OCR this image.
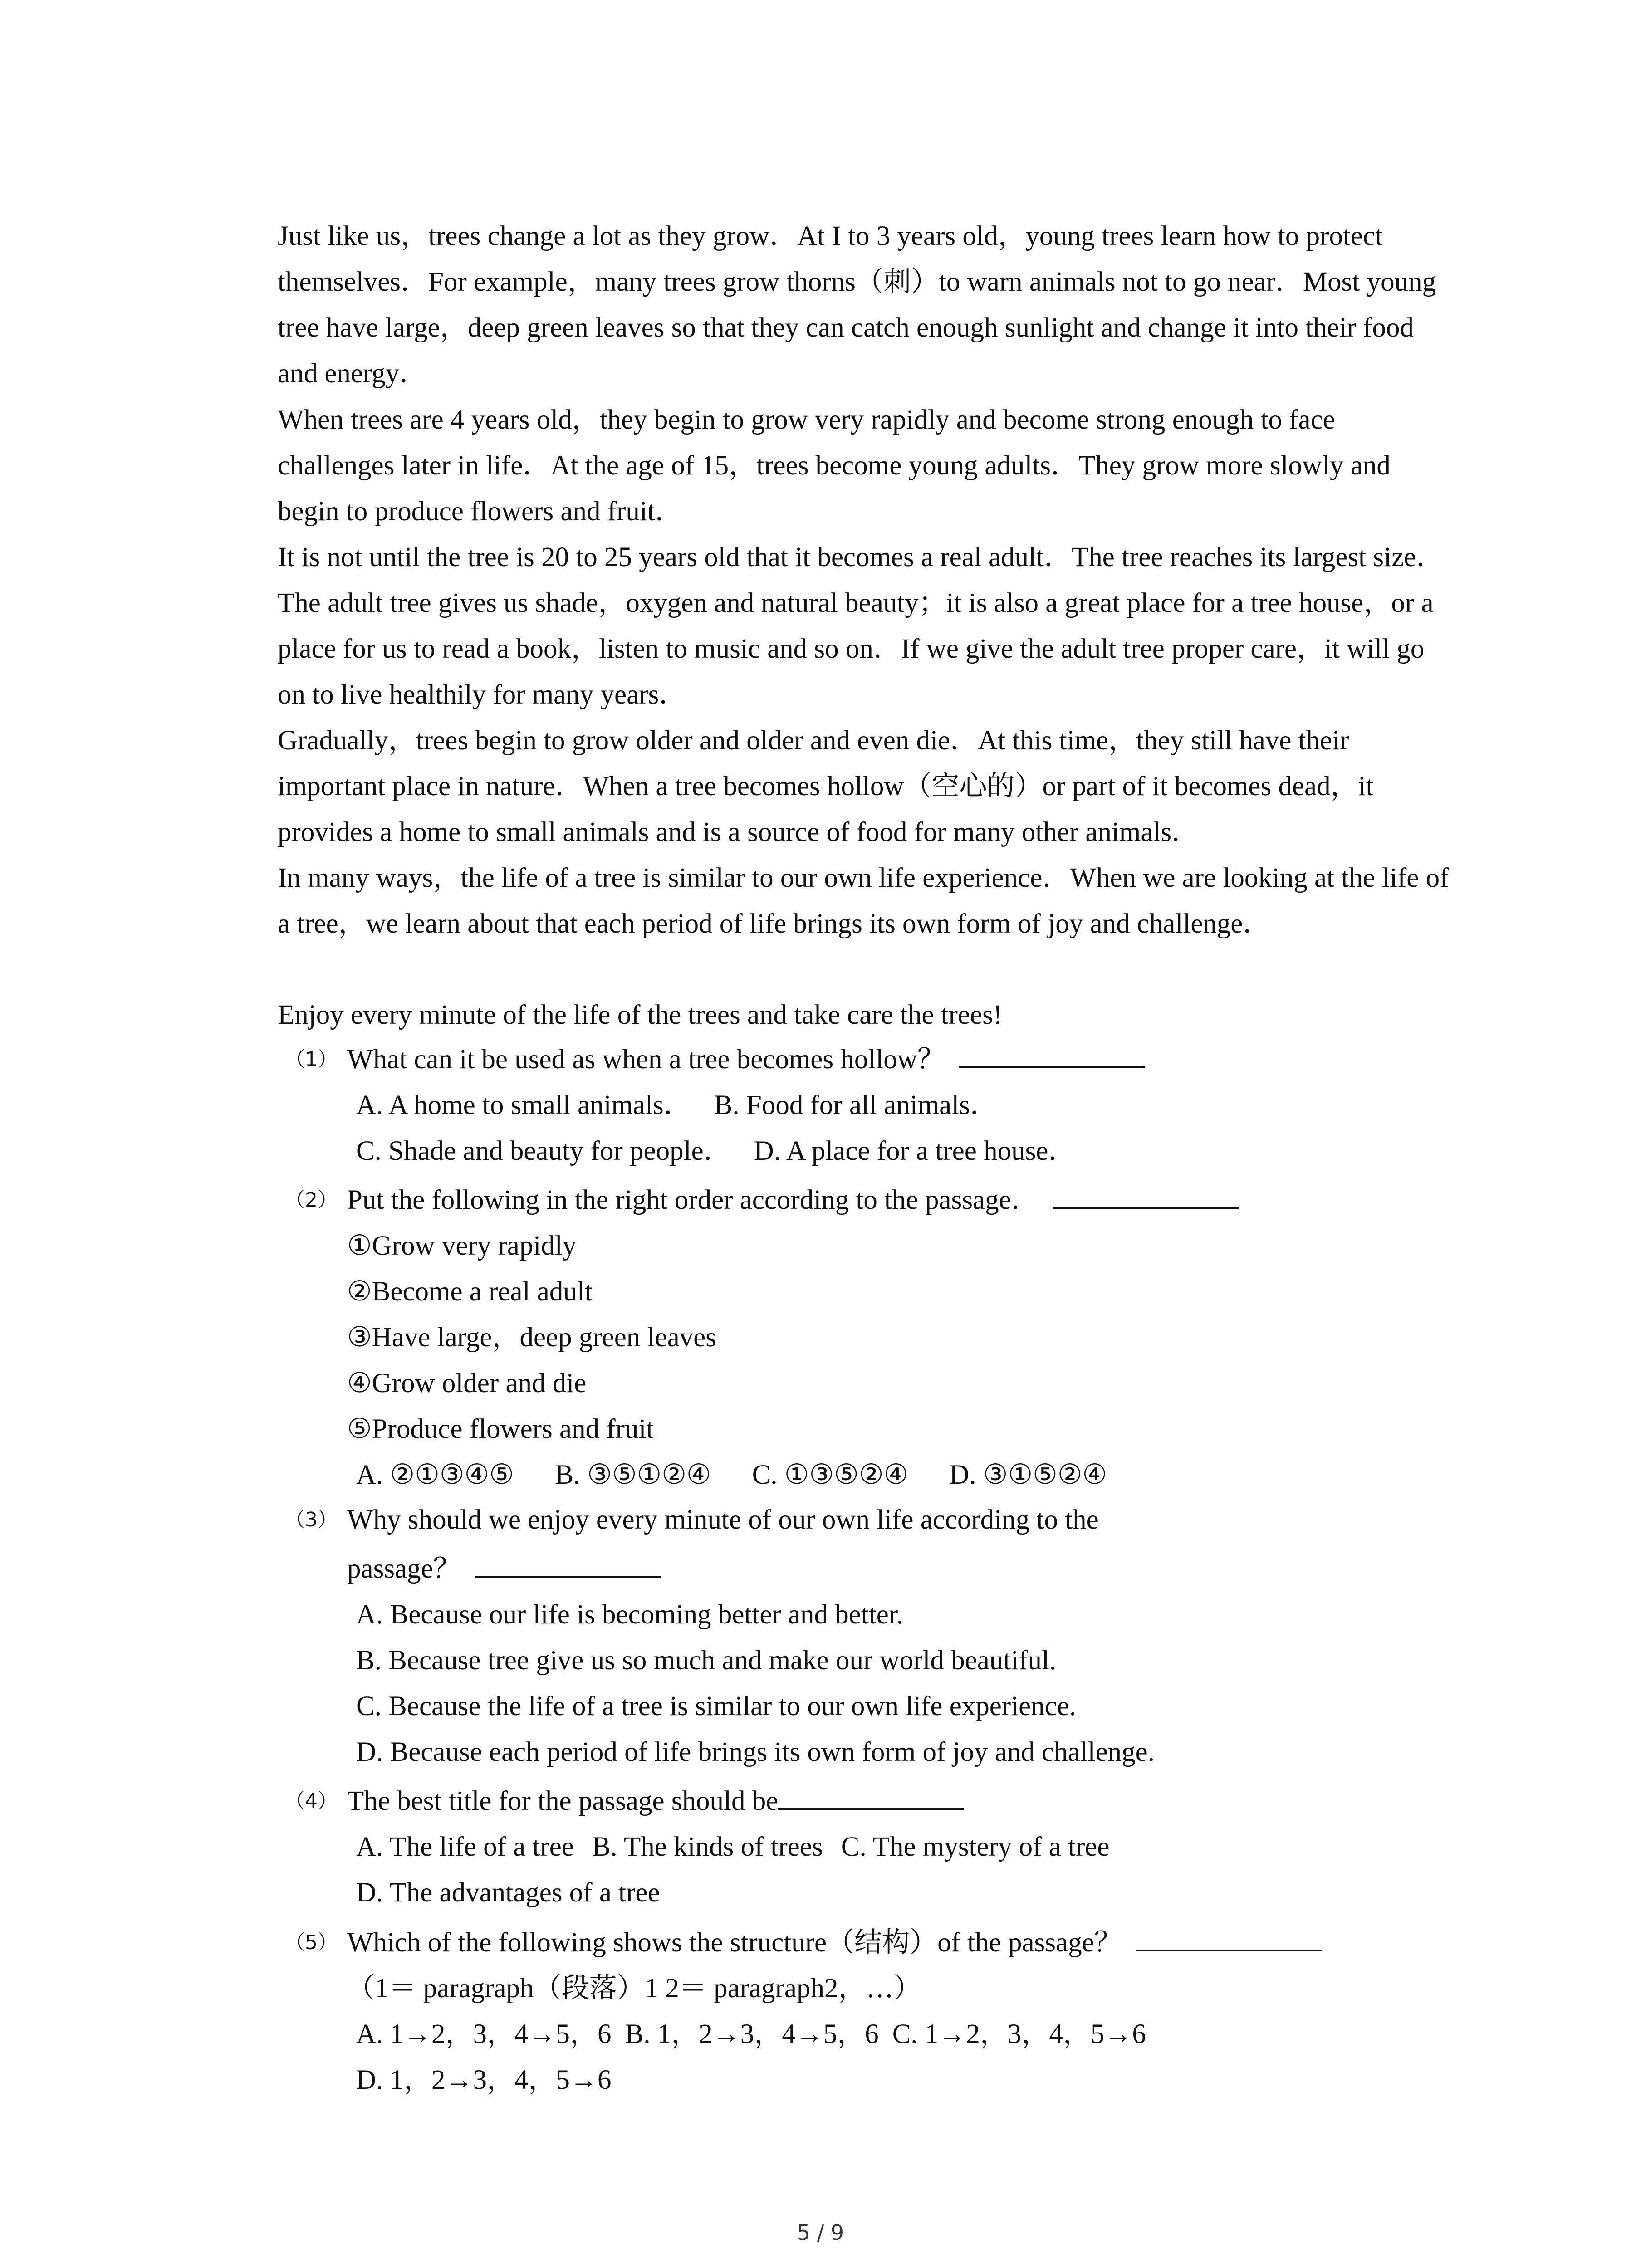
Just like us，trees change a lot as they grow．At I to 3 years old，young trees learn how to protect themselves．For example，many trees grow thorns（刺）to warn animals not to go near．Most young tree have large，deep green leaves so that they can catch enough sunlight and change it into their food and energy．

When trees are 4 years old，they begin to grow very rapidly and become strong enough to face challenges later in life．At the age of 15，trees become young adults．They grow more slowly and begin to produce flowers and fruit．

It is not until the tree is 20 to 25 years old that it becomes a real adult．The tree reaches its largest size．The adult tree gives us shade，oxygen and natural beauty；it is also a great place for a tree house，or a place for us to read a book，listen to music and so on．If we give the adult tree proper care，it will go on to live healthily for many years．

Gradually，trees begin to grow older and older and even die．At this time，they still have their important place in nature．When a tree becomes hollow（空心的）or part of it becomes dead，it provides a home to small animals and is a source of food for many other animals．

In many ways，the life of a tree is similar to our own life experience．When we are looking at the life of a tree，we learn about that each period of life brings its own form of joy and challenge．

Enjoy every minute of the life of the trees and take care the trees!

（1） What can it be used as when a tree becomes hollow？
A. A home to small animals． B. Food for all animals．
C. Shade and beauty for people． D. A place for a tree house．
（2） Put the following in the right order according to the passage．
①Grow very rapidly
②Become a real adult
③Have large，deep green leaves
④Grow older and die
⑤Produce flowers and fruit
A. ②①③④⑤ B. ③⑤①②④ C. ①③⑤②④ D. ③①⑤②④
（3） Why should we enjoy every minute of our own life according to the
passage？
A. Because our life is becoming better and better.
B. Because tree give us so much and make our world beautiful.
C. Because the life of a tree is similar to our own life experience.
D. Because each period of life brings its own form of joy and challenge.
（4） The best title for the passage should be
A. The life of a tree B. The kinds of trees C. The mystery of a tree
D. The advantages of a tree
（5） Which of the following shows the structure（结构）of the passage？
（1＝ paragraph（段落）1 2＝ paragraph2，…）
A. 1→2，3，4→5，6 B. 1，2→3，4→5，6 C. 1→2，3，4，5→6
D. 1，2→3，4，5→6
5 / 9
